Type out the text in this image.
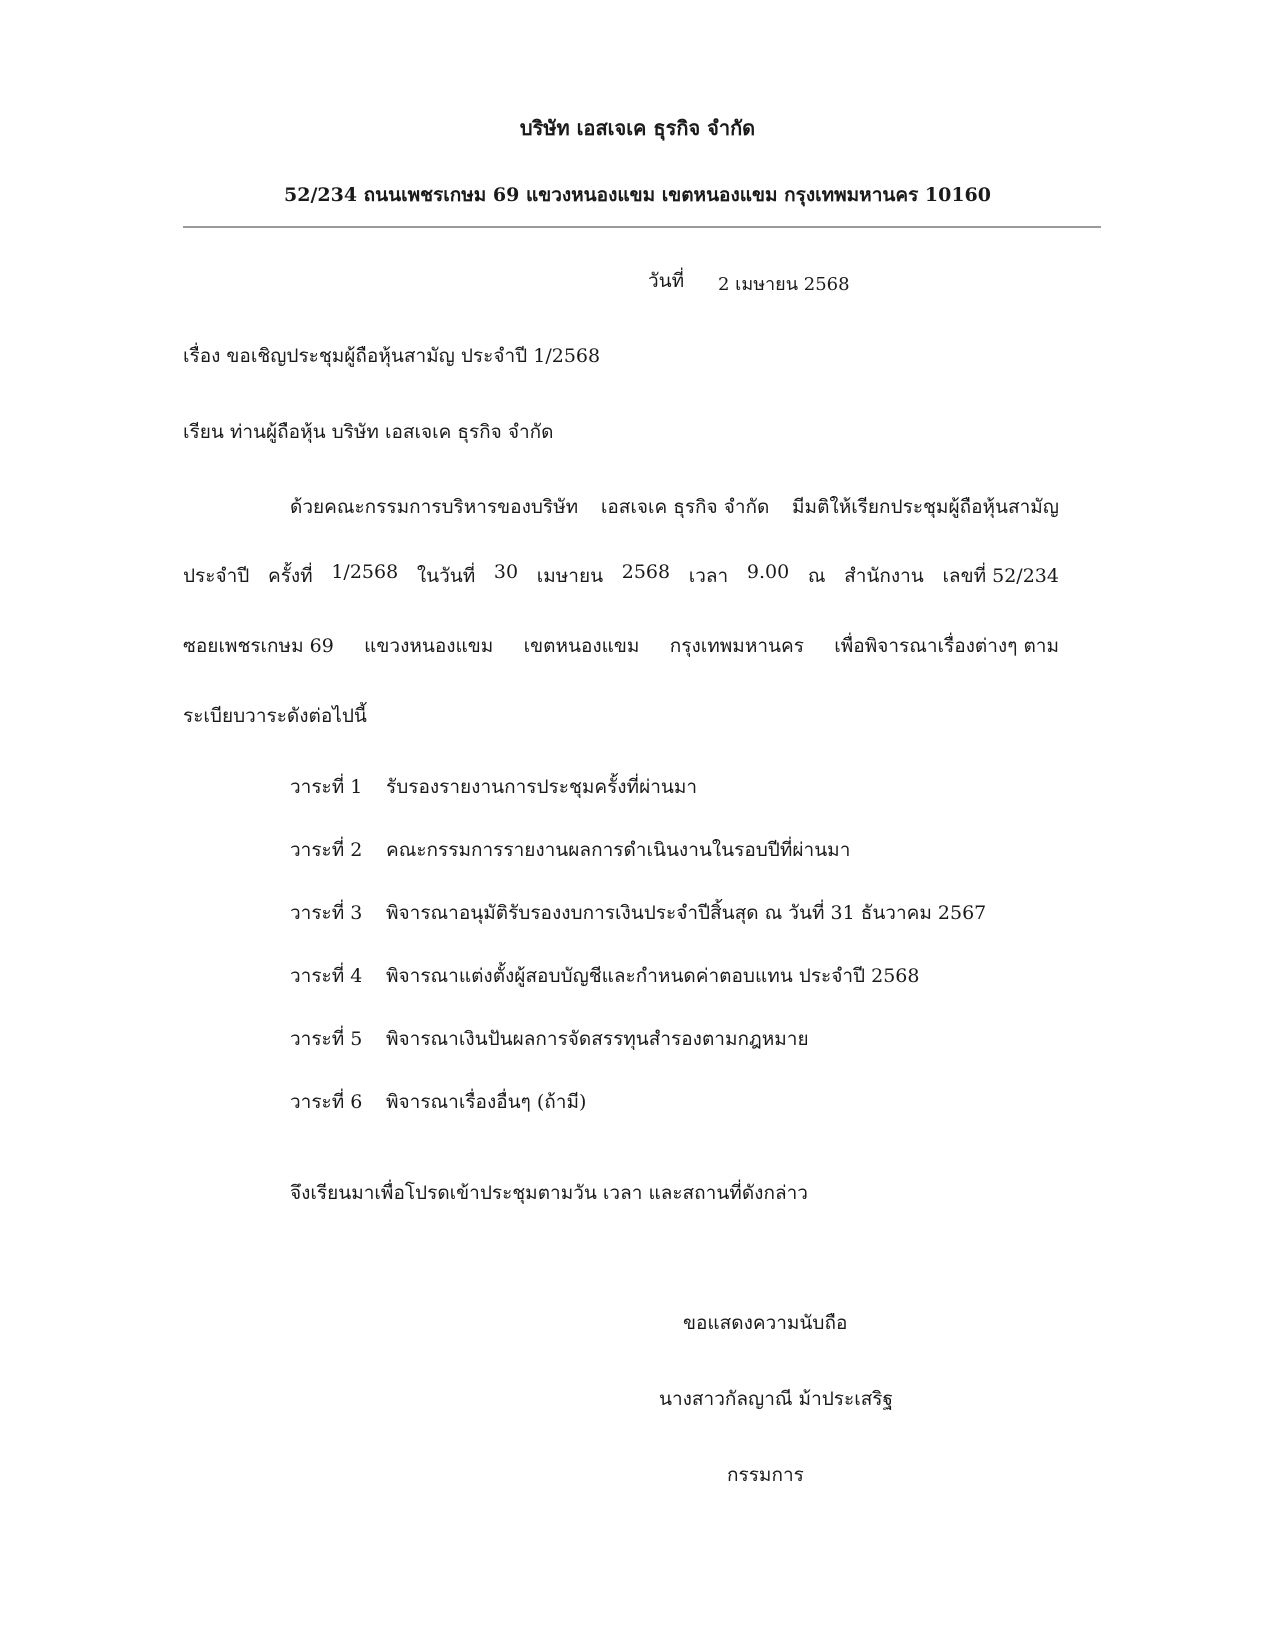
บริษัท เอสเจเค ธุรกิจ จำกัด
52/234 ถนนเพชรเกษม 69 แขวงหนองแขม เขตหนองแขม กรุงเทพมหานคร 10160
วันที่ 2 เมษายน 2568
เรื่อง ขอเชิญประชุมผู้ถือหุ้นสามัญ ประจำปี 1/2568
เรียน ท่านผู้ถือหุ้น บริษัท เอสเจเค ธุรกิจ จำกัด
ด้วยคณะกรรมการบริหารของบริษัท เอสเจเค ธุรกิจ จำกัด มีมติให้เรียกประชุมผู้ถือหุ้นสามัญ
ประจำปี ครั้งที่ 1/2568 ในวันที่ 30 เมษายน 2568 เวลา 9.00 ณ สำนักงาน เลขที่ 52/234
ซอยเพชรเกษม 69 แขวงหนองแขม เขตหนองแขม กรุงเทพมหานคร เพื่อพิจารณาเรื่องต่างๆ ตาม
ระเบียบวาระดังต่อไปนี้
วาระที่ 1 รับรองรายงานการประชุมครั้งที่ผ่านมา
วาระที่ 2 คณะกรรมการรายงานผลการดำเนินงานในรอบปีที่ผ่านมา
วาระที่ 3 พิจารณาอนุมัติรับรองงบการเงินประจำปีสิ้นสุด ณ วันที่ 31 ธันวาคม 2567
วาระที่ 4 พิจารณาแต่งตั้งผู้สอบบัญชีและกำหนดค่าตอบแทน ประจำปี 2568
วาระที่ 5 พิจารณาเงินปันผลการจัดสรรทุนสำรองตามกฎหมาย
วาระที่ 6 พิจารณาเรื่องอื่นๆ (ถ้ามี)
จึงเรียนมาเพื่อโปรดเข้าประชุมตามวัน เวลา และสถานที่ดังกล่าว
ขอแสดงความนับถือ
นางสาวกัลญาณี ม้าประเสริฐ
กรรมการ
